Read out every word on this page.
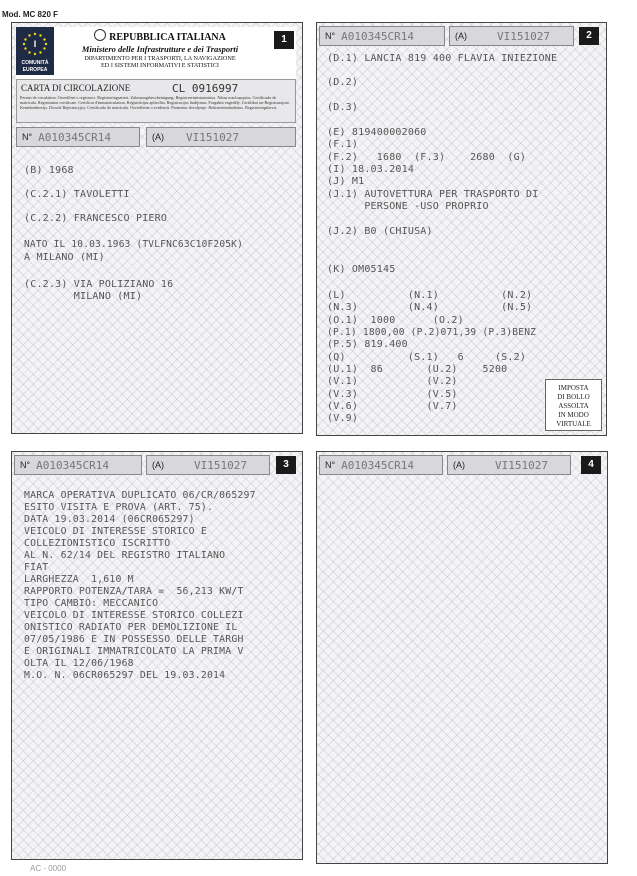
Mod. MC 820 F
I
COMUNITÀ
EUROPEA
REPUBBLICA ITALIANA
Ministero delle Infrastrutture e dei Trasporti
DIPARTIMENTO PER I TRASPORTI, LA NAVIGAZIONE
ED I SISTEMI INFORMATIVI E STATISTICI
1
CARTA DI CIRCOLAZIONE	CL 0916997
Permis de circulation. Osvedčení o registraci. Registreringsattest. Zulassungsbescheinigung. Registreerimistunnistus. Άδεια κυκλοφορίας. Certificado de matrícula. Registration certificate. Certificat d'immatriculation. Reģistrācijas apliecība. Registracijos liudijimas. Forgalmi engedély. Certifikat tar-Registrazzjoni. Kentekenbewijs. Dowód Rejestracyjny. Certificado de matrícula. Osvedčenie o evidencii. Prometno dovoljenje. Rekisteröintitodistus. Registreringsbevis.
N° A010345CR14	(A) VI151027
(B) 1968
(C.2.1) TAVOLETTI
(C.2.2) FRANCESCO PIERO
NATO IL 10.03.1963 (TVLFNC63C10F205K)
A MILANO (MI)
(C.2.3) VIA POLIZIANO 16
MILANO (MI)
N° A010345CR14	(A)	VI151027	2
(D.1) LANCIA 819 400 FLAVIA INIEZIONE
(D.2)
(D.3)
(E) 819400002060
(F.1)
(F.2)   1680  (F.3)    2680  (G)
(I) 18.03.2014
(J) M1
(J.1) AUTOVETTURA PER TRASPORTO DI
PERSONE -USO PROPRIO
(J.2) B0 (CHIUSA)
(K) OM05145
(L)          (N.1)          (N.2)
(N.3)        (N.4)          (N.5)
(O.1)  1000      (O.2)
(P.1) 1800,00 (P.2)071,39 (P.3)BENZ
(P.5) 819.400
(Q)          (S.1)   6     (S.2)
(U.1)  86       (U.2)    5200
(V.1)           (V.2)
(V.3)           (V.5)
(V.6)           (V.7)
(V.9)
IMPOSTA
DI BOLLO
ASSOLTA
IN MODO
VIRTUALE
N° A010345CR14	(A)	VI151027	3
MARCA OPERATIVA DUPLICATO 06/CR/065297
ESITO VISITA E PROVA (ART. 75).
DATA 19.03.2014 (06CR065297)
VEICOLO DI INTERESSE STORICO E
COLLEZIONISTICO ISCRITTO
AL N. 62/14 DEL REGISTRO ITALIANO
FIAT
LARGHEZZA  1,610 M
RAPPORTO POTENZA/TARA =  56,213 KW/T
TIPO CAMBIO: MECCANICO
VEICOLO DI INTERESSE STORICO COLLEZI
ONISTICO RADIATO PER DEMOLIZIONE IL
07/05/1986 E IN POSSESSO DELLE TARGH
E ORIGINALI IMMATRICOLATO LA PRIMA V
OLTA IL 12/06/1968
M.O. N. 06CR065297 DEL 19.03.2014
N° A010345CR14	(A)	VI151027	4
AC - 0000
